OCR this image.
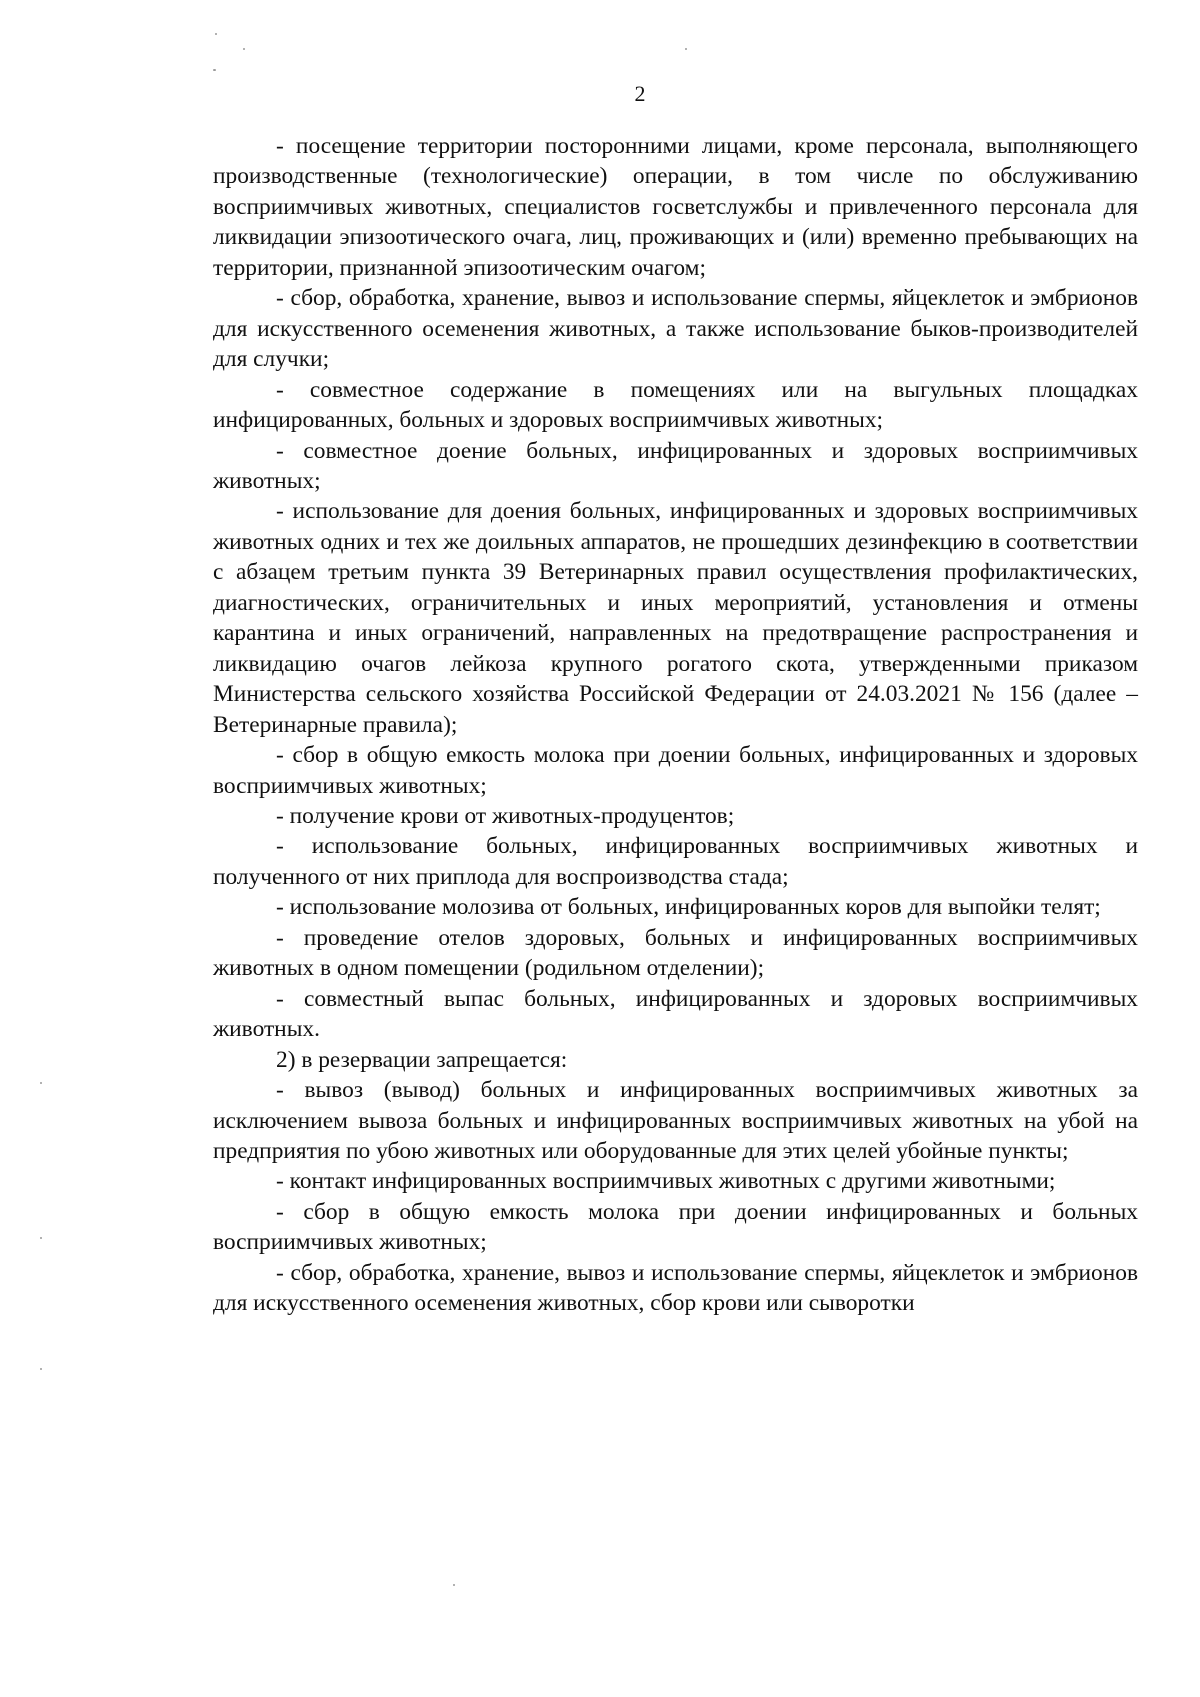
2

- посещение территории посторонними лицами, кроме персонала, выполняющего производственные (технологические) операции, в том числе по обслуживанию восприимчивых животных, специалистов госветслужбы и привлеченного персонала для ликвидации эпизоотического очага, лиц, проживающих и (или) временно пребывающих на территории, признанной эпизоотическим очагом;

- сбор, обработка, хранение, вывоз и использование спермы, яйцеклеток и эмбрионов для искусственного осеменения животных, а также использование быков-производителей для случки;

- совместное содержание в помещениях или на выгульных площадках инфицированных, больных и здоровых восприимчивых животных;

- совместное доение больных, инфицированных и здоровых восприимчивых животных;

- использование для доения больных, инфицированных и здоровых восприимчивых животных одних и тех же доильных аппаратов, не прошедших дезинфекцию в соответствии с абзацем третьим пункта 39 Ветеринарных правил осуществления профилактических, диагностических, ограничительных и иных мероприятий, установления и отмены карантина и иных ограничений, направленных на предотвращение распространения и ликвидацию очагов лейкоза крупного рогатого скота, утвержденными приказом Министерства сельского хозяйства Российской Федерации от 24.03.2021 № 156 (далее – Ветеринарные правила);

- сбор в общую емкость молока при доении больных, инфицированных и здоровых восприимчивых животных;

- получение крови от животных-продуцентов;

- использование больных, инфицированных восприимчивых животных и полученного от них приплода для воспроизводства стада;

- использование молозива от больных, инфицированных коров для выпойки телят;

- проведение отелов здоровых, больных и инфицированных восприимчивых животных в одном помещении (родильном отделении);

- совместный выпас больных, инфицированных и здоровых восприимчивых животных.

2) в резервации запрещается:

- вывоз (вывод) больных и инфицированных восприимчивых животных за исключением вывоза больных и инфицированных восприимчивых животных на убой на предприятия по убою животных или оборудованные для этих целей убойные пункты;

- контакт инфицированных восприимчивых животных с другими животными;

- сбор в общую емкость молока при доении инфицированных и больных восприимчивых животных;

- сбор, обработка, хранение, вывоз и использование спермы, яйцеклеток и эмбрионов для искусственного осеменения животных, сбор крови или сыворотки
